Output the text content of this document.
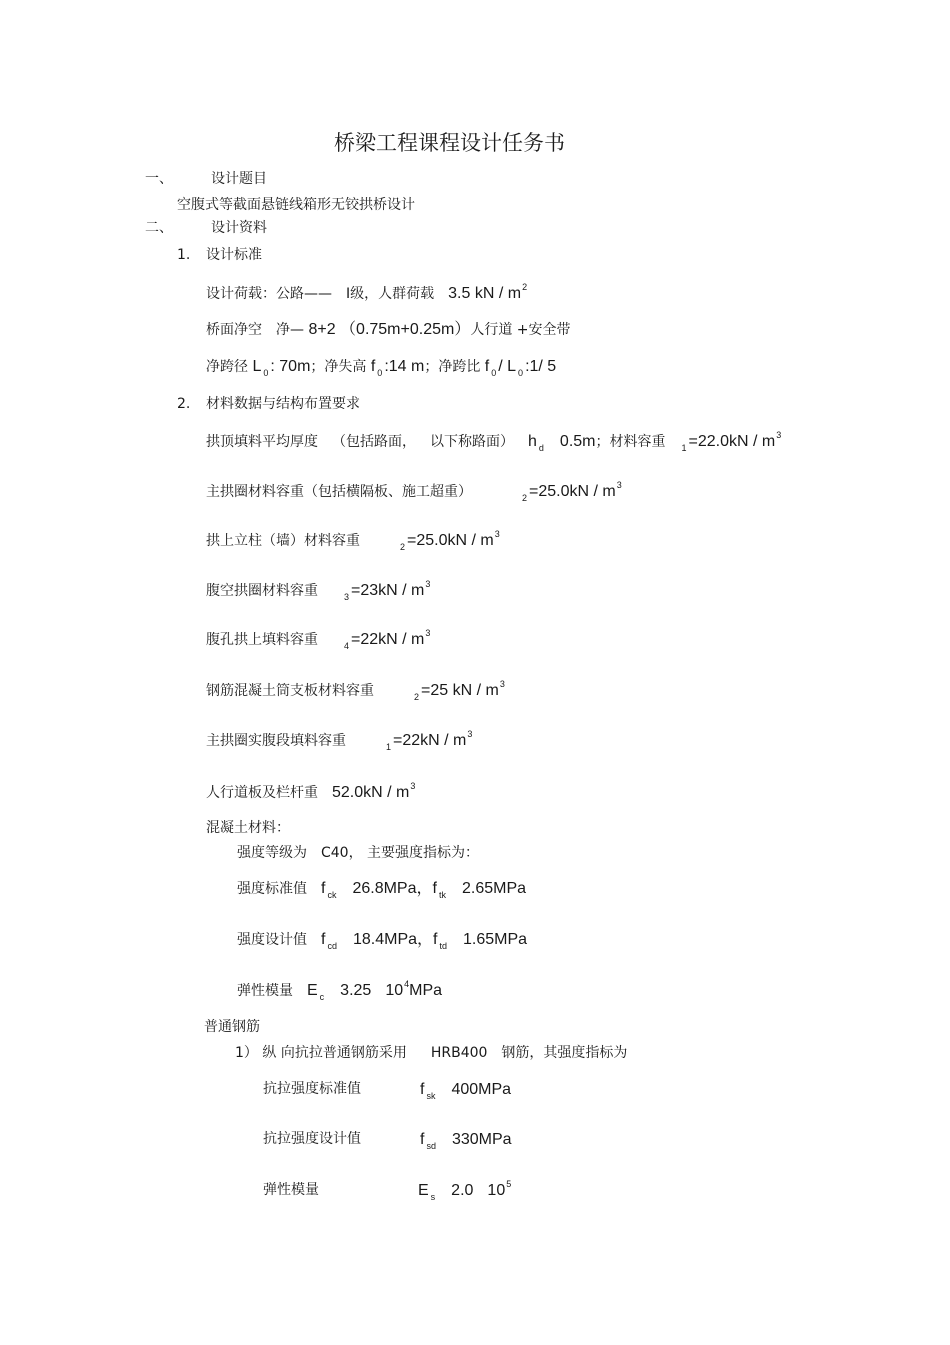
桥梁工程课程设计任务书
一、	设计题目
空腹式等截面悬链线箱形无铰拱桥设计
二、	设计资料
1. 设计标准
设计荷载：公路—— Ⅰ级，人群荷载 3.5 kN / $m^2$
桥面净空 净— 8+2 （0.75m+0.25m）人行道 +安全带
净跨径 L $_0$ : 70m；净失高 f $_0$ :14 m；净跨比 f $_0$ / L $_0$ :1/ 5
2. 材料数据与结构布置要求
拱顶填料平均厚度 （包括路面， 以下称路面） h $_d$ 0.5m；材料容重 $_1 =22.0kN / m^3$
主拱圈材料容重（包括横隔板、施工超重）	$_2 =25.0kN / m^3$
拱上立柱（墙）材料容重	$_2 =25.0kN / m^3$
腹空拱圈材料容重	$_3 =23kN / m^3$
腹孔拱上填料容重	$_4 =22kN / m^3$
钢筋混凝土筒支板材料容重	$_2$ =25 kN / $m^3$
主拱圈实腹段填料容重	$_1 =22kN / m^3$
人行道板及栏杆重 $52.0kN / m^3$
混凝土材料：
强度等级为 C40， 主要强度指标为：
强度标准值 f $_{ck}$ 26.8MPa，f $_{tk}$ 2.65MPa
强度设计值 f $_{cd}$ 18.4MPa，f $_{td}$ 1.65MPa
弹性模量 E $_c$ 3.25 $10^4MPa$
普通钢筋
1） 纵 向抗拉普通钢筋采用 HRB400 钢筋，其强度指标为
抗拉强度标准值	f $_{sk}$ 400MPa
抗拉强度设计值	f $_{sd}$ 330MPa
弹性模量	E $_s$ 2.0 $10^5$
